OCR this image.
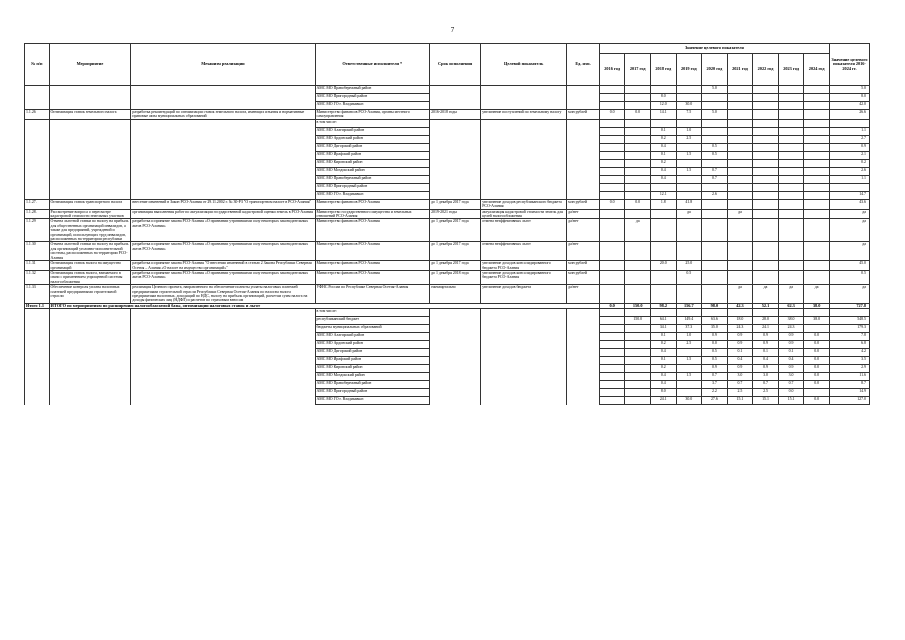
7
№ п/п	Мероприятие	Механизм реализации	Ответственные исполнители *	Срок исполнения	Целевой показатель	Ед. изм.	Значение целевого показателя									Значение целевого показателя 2016-2024 гг.
							2016 год	2017 год	2018 год	2019 год	2020 год	2021 год	2022 год	2023 год	2024 год	
			АМС МО Правобережный район								5.0					5.0
			АМС МО Пригородный район						8.0							8.0
			АМС МО ГО г. Владикавказ						12.0	30.0						42.0
1.1.26	Оптимизация ставок земельного налога	разработка рекомендаций по оптимизации ставок земельного налога, имеющих изъятия и нормативные правовые акты муниципальных образований	Министерство финансов РСО-Алания, органы местного самоуправления	2016-2018 годы	увеличение поступлений по земельному налогу	млн рублей	0.0	0.0	14.1	7.5	5.0					26.6
			в том числе:													
			АМС МО Алагирский район						0.1	1.0						1.1
			АМС МО Ардонский район						0.2	2.5						2.7
			АМС МО Дигорский район						0.4		0.5					0.9
			АМС МО Ирафский район						0.1	1.5	0.5					2.1
			АМС МО Кировский район						0.2							0.2
			АМС МО Моздокский район						0.4	1.5	0.7					2.6
			АМС МО Правобережный район						0.4		0.7					1.1
			АМС МО Пригородный район													
			АМС МО ГО г. Владикавказ						12.1		2.6					14.7
1.1.27.	Оптимизация ставок транспортного налога	внесение изменений в Закон РСО-Алания от 29.11.2002 г. № 30-РЗ "О транспортном налоге в РСО-Алания"	Министерство финансов РСО-Алания	до 1 декабря 2017 года	увеличение доходов республиканского бюджета РСО-Алания	млн рублей	0.0	0.0	1.8	41.8						43.6
1.1.28.	Рассмотрение вопроса о пересмотре кадастровой стоимости земельных участков	организация выполнения работ по актуализации государственной кадастровой оценки земель в РСО-Алания	Министерство государственного имущества и земельных отношений РСО-Алания	2019-2021 годы	актуализация кадастровой стоимости земель для целей налогообложения	да/нет				да		да				да
1.1.29	Отмена льготной ставки по налогу на прибыль для общественных организаций инвалидов, а также для предприятий, учреждений и организаций, использующих труд инвалидов, расположенных на территории республики	разработка и принятие закона РСО-Алания «О признании утратившими силу некоторых законодательных актов РСО-Алания»	Министерство финансов РСО-Алания	до 1 декабря 2017 года	отмена неэффективных льгот	да/нет		да								да
1.1.30	Отмена льготной ставки по налогу на прибыль для организаций уголовно-исполнительной системы, расположенных на территории РСО-Алания	разработка и принятие закона РСО-Алания «О признании утратившими силу некоторых законодательных актов РСО-Алания»	Министерство финансов РСО-Алания	до 1 декабря 2017 года	отмена неэффективных льгот	да/нет										да
1.1.31	Оптимизация ставок налога на имущество организаций	разработка и принятие закона РСО-Алания "О внесении изменений в статью 2 Закона Республики Северная Осетия – Алания «О налоге на имущество организаций»"	Министерство финансов РСО-Алания	до 1 декабря 2017 года	увеличение доходов консолидированного бюджета РСО-Алания	млн рублей			20.0	25.0						45.0
1.1.32	Оптимизация ставок налога, взимаемого в связи с применением упрощенной системы налогообложения	разработка и принятие закона РСО-Алания «О признании утратившими силу некоторых законодательных актов РСО-Алания»	Министерство финансов РСО-Алания	до 1 декабря 2018 года	увеличение доходов консолидированного бюджета РСО-Алания	млн рублей				0.5						0.5
1.1.33	Обеспечение контроля уплаты налоговых платежей предприятиями строительной отрасли	реализация Целевого проекта, направленного на обеспечение полноты уплаты налоговых платежей предприятиями строительной отрасли Республики Северная Осетия-Алания по налогам налога предприятиям налоговых, доходящий по НДС, налогу на прибыль организаций, расчетам сумм налога на доходы физических лиц (НДФЛ) и расчетов по страховым взносам	УФНС России по Республике Северная Осетия-Алания	ежеквартально	увеличение доходов бюджета	да/нет						да	да	да	да	да
Итого 1.1	ИТОГО по мероприятиям по расширению налогооблагаемой базы, оптимизации налоговых ставок и льгот						0.0	150.0	98.2	156.7	98.0	42.3	52.1	62.3	38.0	727.8
			в том числе:													
			республиканский бюджет					150.0	64.1	149.4	63.6	18.0	28.0	38.0	38.0	548.5
			бюджеты муниципальных образований						34.1	37.3	35.0	24.3	24.1	24.3		179.3
			АМС МО Алагирский район						0.1	1.0	0.9	0.9	0.9	0.9	0.0	7.8
			АМС МО Ардонский район						0.2	2.5	0.0	0.9	0.9	0.9	0.0	6.8
			АМС МО Дигорский район						0.4		0.5	0.1	0.1	0.1	0.0	4.2
			АМС МО Ирафский район						0.1	1.5	0.5	0.4	0.4	0.4	0.0	3.5
			АМС МО Кировский район						0.2		0.9	0.9	0.9	0.9	0.0	2.9
			АМС МО Моздокский район						0.4	1.5	0.7	3.0	3.0	3.0	0.0	11.6
			АМС МО Правобережный район						0.4		3.7	0.7	0.7	0.7	0.0	8.7
			АМС МО Пригородный район						8.0		2.2	2.5	2.5	0.0		14.9
			АМС МО ГО г. Владикавказ						24.1	30.0	27.6	15.1	15.1	15.1	0.0	127.0
